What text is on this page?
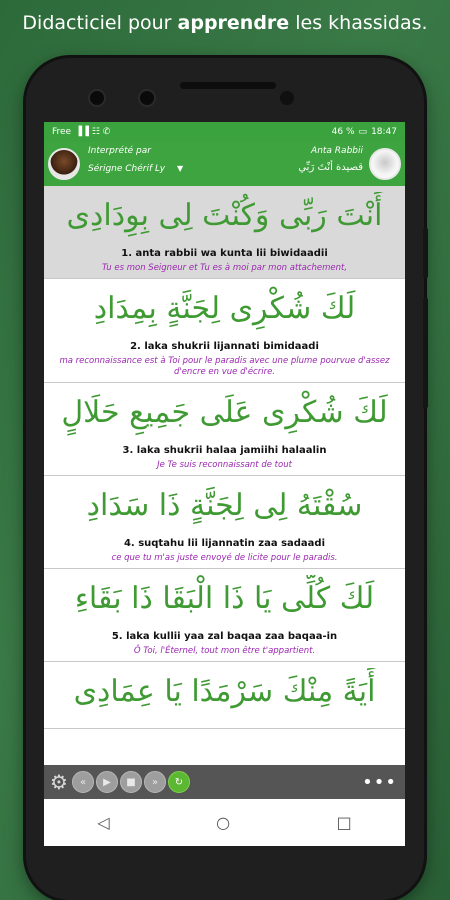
Didacticiel pour apprendre les khassidas.
Free ▐▐ ☷ ✆	46 % ▭ 18:47
Interprété par
Sérigne Chérif Ly ▼
Anta Rabbii
قصيدة أنْتَ رَبِّي
أَنْتَ رَبِّى وَكُنْتَ لِى بِوِدَادِى
1. anta rabbii wa kunta lii biwidaadii
Tu es mon Seigneur et Tu es à moi par mon attachement,
لَكَ شُكْرِى لِجَنَّةٍ بِمِدَادِ
2. laka shukrii lijannati bimidaadi
ma reconnaissance est à Toi pour le paradis avec une plume pourvue d'assez d'encre en vue d'écrire.
لَكَ شُكْرِى عَلَى جَمِيعِ حَلَالٍ
3. laka shukrii halaa jamiihi halaalin
Je Te suis reconnaissant de tout
سُقْتَهُ لِى لِجَنَّةٍ ذَا سَدَادِ
4. suqtahu lii lijannatin zaa sadaadi
ce que tu m'as juste envoyé de licite pour le paradis.
لَكَ كُلِّى يَا ذَا الْبَقَا ذَا بَقَاءِ
5. laka kullii yaa zal baqaa zaa baqaa-in
Ô Toi, l'Éternel, tout mon être t'appartient.
أَيَةً مِنْكَ سَرْمَدًا يَا عِمَادِى
⚙	«	▶	■	»	↻	•••
◁	○	□
